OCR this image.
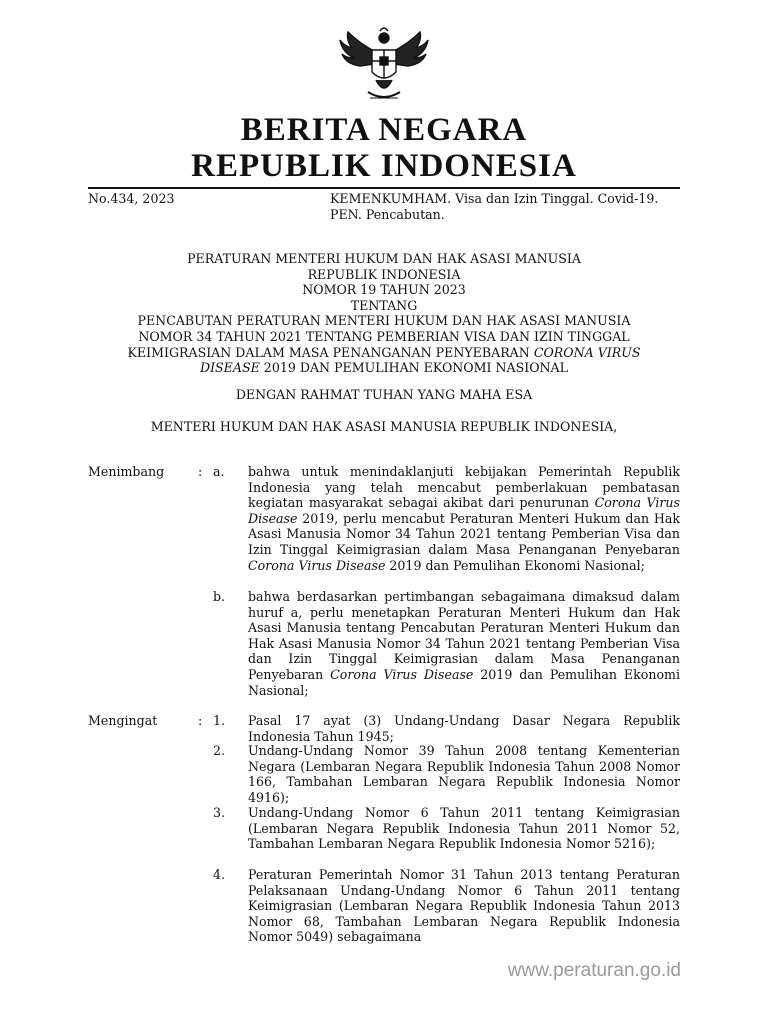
BERITA NEGARA
REPUBLIK INDONESIA
No.434, 2023	KEMENKUMHAM. Visa dan Izin Tinggal. Covid-19. PEN. Pencabutan.
PERATURAN MENTERI HUKUM DAN HAK ASASI MANUSIA
REPUBLIK INDONESIA
NOMOR 19 TAHUN 2023
TENTANG
PENCABUTAN PERATURAN MENTERI HUKUM DAN HAK ASASI MANUSIA
NOMOR 34 TAHUN 2021 TENTANG PEMBERIAN VISA DAN IZIN TINGGAL
KEIMIGRASIAN DALAM MASA PENANGANAN PENYEBARAN CORONA VIRUS
DISEASE 2019 DAN PEMULIHAN EKONOMI NASIONAL
DENGAN RAHMAT TUHAN YANG MAHA ESA
MENTERI HUKUM DAN HAK ASASI MANUSIA REPUBLIK INDONESIA,
Menimbang	: a.	bahwa untuk menindaklanjuti kebijakan Pemerintah Republik Indonesia yang telah mencabut pemberlakuan pembatasan kegiatan masyarakat sebagai akibat dari penurunan Corona Virus Disease 2019, perlu mencabut Peraturan Menteri Hukum dan Hak Asasi Manusia Nomor 34 Tahun 2021 tentang Pemberian Visa dan Izin Tinggal Keimigrasian dalam Masa Penanganan Penyebaran Corona Virus Disease 2019 dan Pemulihan Ekonomi Nasional;
b.	bahwa berdasarkan pertimbangan sebagaimana dimaksud dalam huruf a, perlu menetapkan Peraturan Menteri Hukum dan Hak Asasi Manusia tentang Pencabutan Peraturan Menteri Hukum dan Hak Asasi Manusia Nomor 34 Tahun 2021 tentang Pemberian Visa dan Izin Tinggal Keimigrasian dalam Masa Penanganan Penyebaran Corona Virus Disease 2019 dan Pemulihan Ekonomi Nasional;
Mengingat	: 1.	Pasal 17 ayat (3) Undang-Undang Dasar Negara Republik Indonesia Tahun 1945;
2.	Undang-Undang Nomor 39 Tahun 2008 tentang Kementerian Negara (Lembaran Negara Republik Indonesia Tahun 2008 Nomor 166, Tambahan Lembaran Negara Republik Indonesia Nomor 4916);
3.	Undang-Undang Nomor 6 Tahun 2011 tentang Keimigrasian (Lembaran Negara Republik Indonesia Tahun 2011 Nomor 52, Tambahan Lembaran Negara Republik Indonesia Nomor 5216);
4.	Peraturan Pemerintah Nomor 31 Tahun 2013 tentang Peraturan Pelaksanaan Undang-Undang Nomor 6 Tahun 2011 tentang Keimigrasian (Lembaran Negara Republik Indonesia Tahun 2013 Nomor 68, Tambahan Lembaran Negara Republik Indonesia Nomor 5049) sebagaimana
www.peraturan.go.id
